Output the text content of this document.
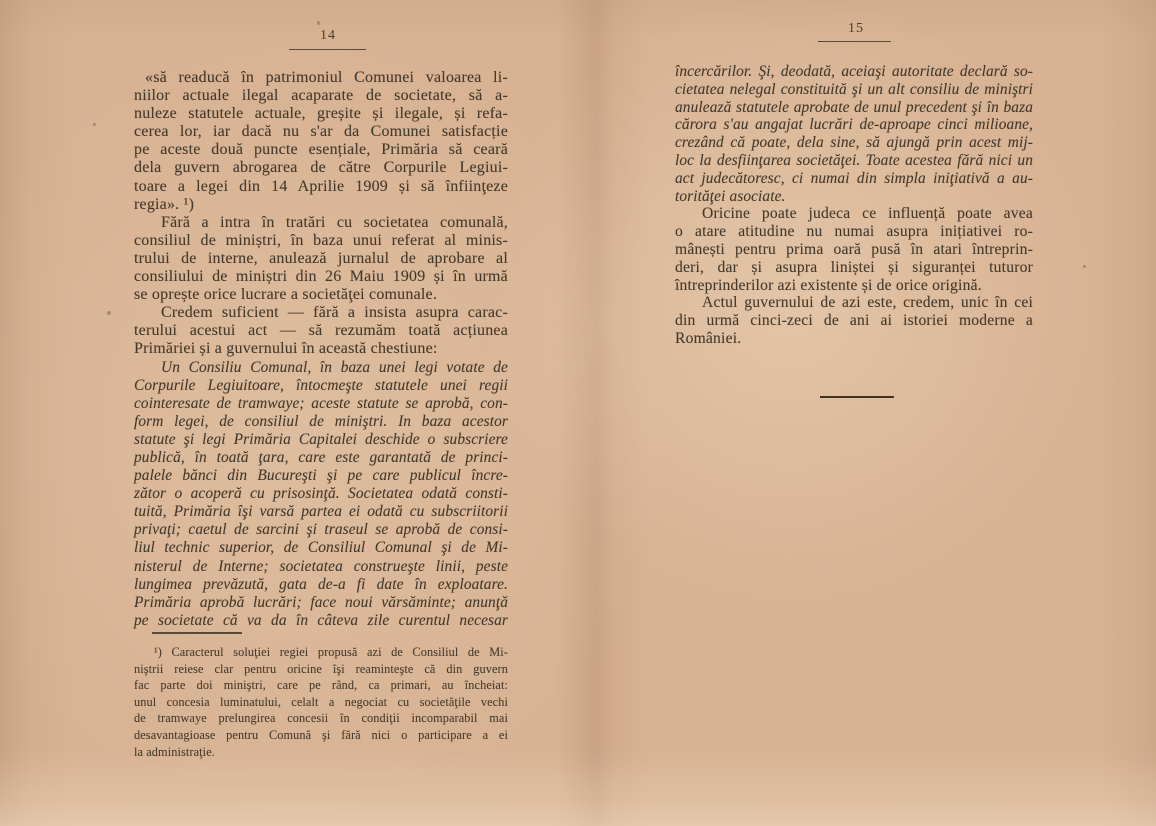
14	15
«să readucă în patrimoniul Comunei valoarea li-
niilor actuale ilegal acaparate de societate, să a-
nuleze statutele actuale, greșite și ilegale, și refa-
cerea lor, iar dacă nu s'ar da Comunei satisfacție
pe aceste două puncte esențiale, Primăria să ceară
dela guvern abrogarea de către Corpurile Legiui-
toare a legei din 14 Aprilie 1909 și să înfiinţeze
regia». ¹)
Fără a intra în tratări cu societatea comunală,
consiliul de miniștri, în baza unui referat al minis-
trului de interne, anulează jurnalul de aprobare al
consiliului de miniștri din 26 Maiu 1909 și în urmă
se oprește orice lucrare a societăţei comunale.
Credem suficient — fără a insista asupra carac-
terului acestui act — să rezumăm toată acțiunea
Primăriei și a guvernului în această chestiune:
Un Consiliu Comunal, în baza unei legi votate de
Corpurile Legiuitoare, întocmeşte statutele unei regii
cointeresate de tramwaye; aceste statute se aprobă, con-
form legei, de consiliul de miniştri. In baza acestor
statute şi legi Primăria Capitalei deschide o subscriere
publică, în toată ţara, care este garantată de princi-
palele bănci din Bucureşti şi pe care publicul încre-
zător o acoperă cu prisosinţă. Societatea odată consti-
tuită, Primăria îşi varsă partea ei odată cu subscriitorii
privaţi; caetul de sarcini şi traseul se aprobă de consi-
liul technic superior, de Consiliul Comunal şi de Mi-
nisterul de Interne; societatea construeşte linii, peste
lungimea prevăzută, gata de-a fi date în exploatare.
Primăria aprobă lucrări; face noui vărsăminte; anunţă
pe societate că va da în câteva zile curentul necesar
¹) Caracterul soluţiei regiei propusă azi de Consiliul de Mi-
niştrii reiese clar pentru oricine îşi reaminteşte că din guvern
fac parte doi miniştri, care pe rând, ca primari, au încheiat:
unul concesia luminatului, celalt a negociat cu societăţile vechi
de tramwaye prelungirea concesii în condiţii incomparabil mai
desavantagioase pentru Comună şi fără nici o participare a ei
la administraţie.
încercărilor. Şi, deodată, aceiaşi autoritate declară so-
cietatea nelegal constituită şi un alt consiliu de miniştri
anulează statutele aprobate de unul precedent şi în baza
cărora s'au angajat lucrări de-aproape cinci milioane,
crezând că poate, dela sine, să ajungă prin acest mij-
loc la desfiinţarea societăţei. Toate acestea fără nici un
act judecătoresc, ci numai din simpla iniţiativă a au-
torităţei asociate.
Oricine poate judeca ce influență poate avea
o atare atitudine nu numai asupra inițiativei ro-
mânești pentru prima oară pusă în atari întreprin-
deri, dar și asupra liniștei și siguranței tuturor
întreprinderilor azi existente și de orice origină.
Actul guvernului de azi este, credem, unic în cei
din urmă cinci-zeci de ani ai istoriei moderne a
României.
